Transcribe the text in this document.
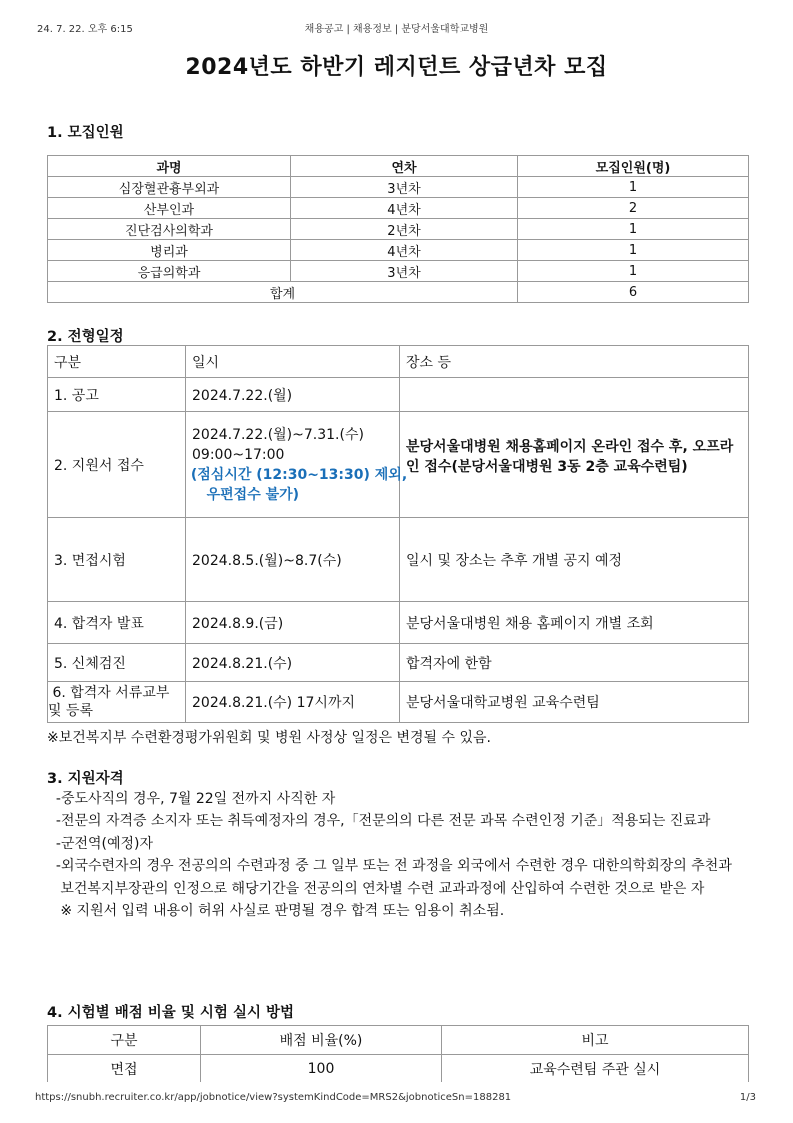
24. 7. 22. 오후 6:15	채용공고 | 채용정보 | 분당서울대학교병원
2024년도 하반기 레지던트 상급년차 모집
1. 모집인원
과명	연차	모집인원(명)
심장혈관흉부외과	3년차	1
산부인과	4년차	2
진단검사의학과	2년차	1
병리과	4년차	1
응급의학과	3년차	1
합계		6
2. 전형일정
구분	일시	장소 등
1. 공고	2024.7.22.(월)	
2. 지원서 접수	2024.7.22.(월)~7.31.(수)
09:00~17:00
(점심시간 (12:30~13:30) 제외,
우편접수 불가)	분당서울대병원 채용홈페이지 온라인 접수 후, 오프라인 접수(분당서울대병원 3동 2층 교육수련팀)
3. 면접시험	2024.8.5.(월)~8.7(수)	일시 및 장소는 추후 개별 공지 예정
4. 합격자 발표	2024.8.9.(금)	분당서울대병원 채용 홈페이지 개별 조회
5. 신체검진	2024.8.21.(수)	합격자에 한함
6. 합격자 서류교부 및 등록	2024.8.21.(수) 17시까지	분당서울대학교병원 교육수련팀

※보건복지부 수련환경평가위원회 및 병원 사정상 일정은 변경될 수 있음.

3. 지원자격

-중도사직의 경우, 7월 22일 전까지 사직한 자

-전문의 자격증 소지자 또는 취득예정자의 경우,「전문의의 다른 전문 과목 수련인정 기준」적용되는 진료과

-군전역(예정)자

-외국수련자의 경우 전공의의 수련과정 중 그 일부 또는 전 과정을 외국에서 수련한 경우 대한의학회장의 추천과

보건복지부장관의 인정으로 해당기간을 전공의의 연차별 수련 교과과정에 산입하여 수련한 것으로 받은 자

※ 지원서 입력 내용이 허위 사실로 판명될 경우 합격 또는 임용이 취소됨.

4. 시험별 배점 비율 및 시험 실시 방법
구분	배점 비율(%)	비고
면접	100	교육수련팀 주관 실시
https://snubh.recruiter.co.kr/app/jobnotice/view?systemKindCode=MRS2&jobnoticeSn=188281	1/3
